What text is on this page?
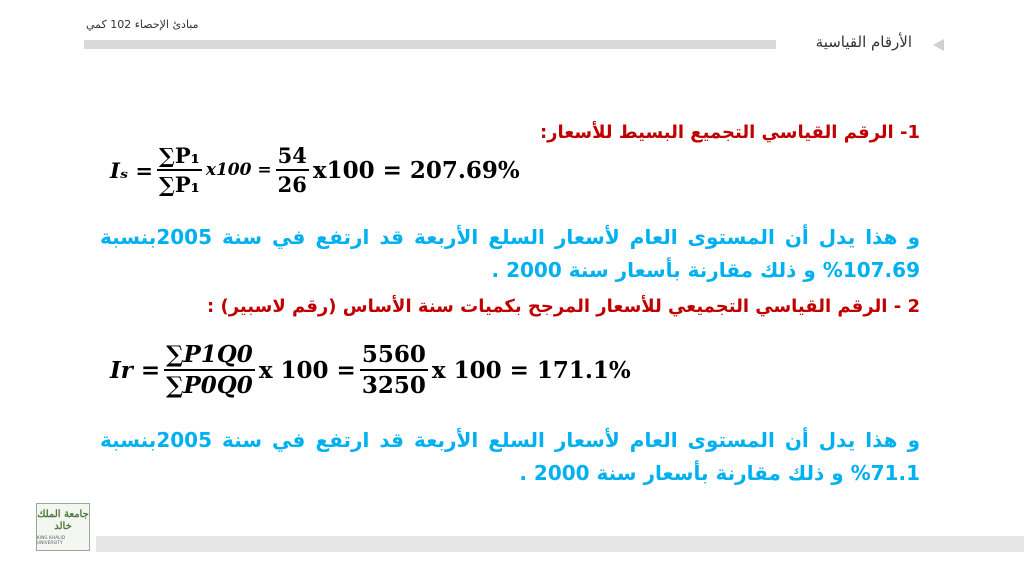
مبادئ الإحصاء 102 كمي
الأرقام القياسية
1- الرقم القياسي التجميع البسيط للأسعار:
$I_s = \frac{\text{∑P₁}}{\text{∑P₁}} x100 = \frac{54}{26} x100 = 207.69\%$
و هذا يدل أن المستوى العام لأسعار السلع الأربعة قد ارتفع في سنة 2005بنسبة 107.69% و ذلك مقارنة بأسعار سنة 2000 .
2 - الرقم القياسي التجميعي للأسعار المرجح بكميات سنة الأساس (رقم لاسبير) :
$Ir = \frac{\sum P1Q0}{\sum P0Q0}$ x $100 = \frac{5560}{3250}$ x 100 = 171.1%
و هذا يدل أن المستوى العام لأسعار السلع الأربعة قد ارتفع في سنة 2005بنسبة 71.1% و ذلك مقارنة بأسعار سنة 2000 .
جامعة الملك خالد
KING KHALID UNIVERSITY
